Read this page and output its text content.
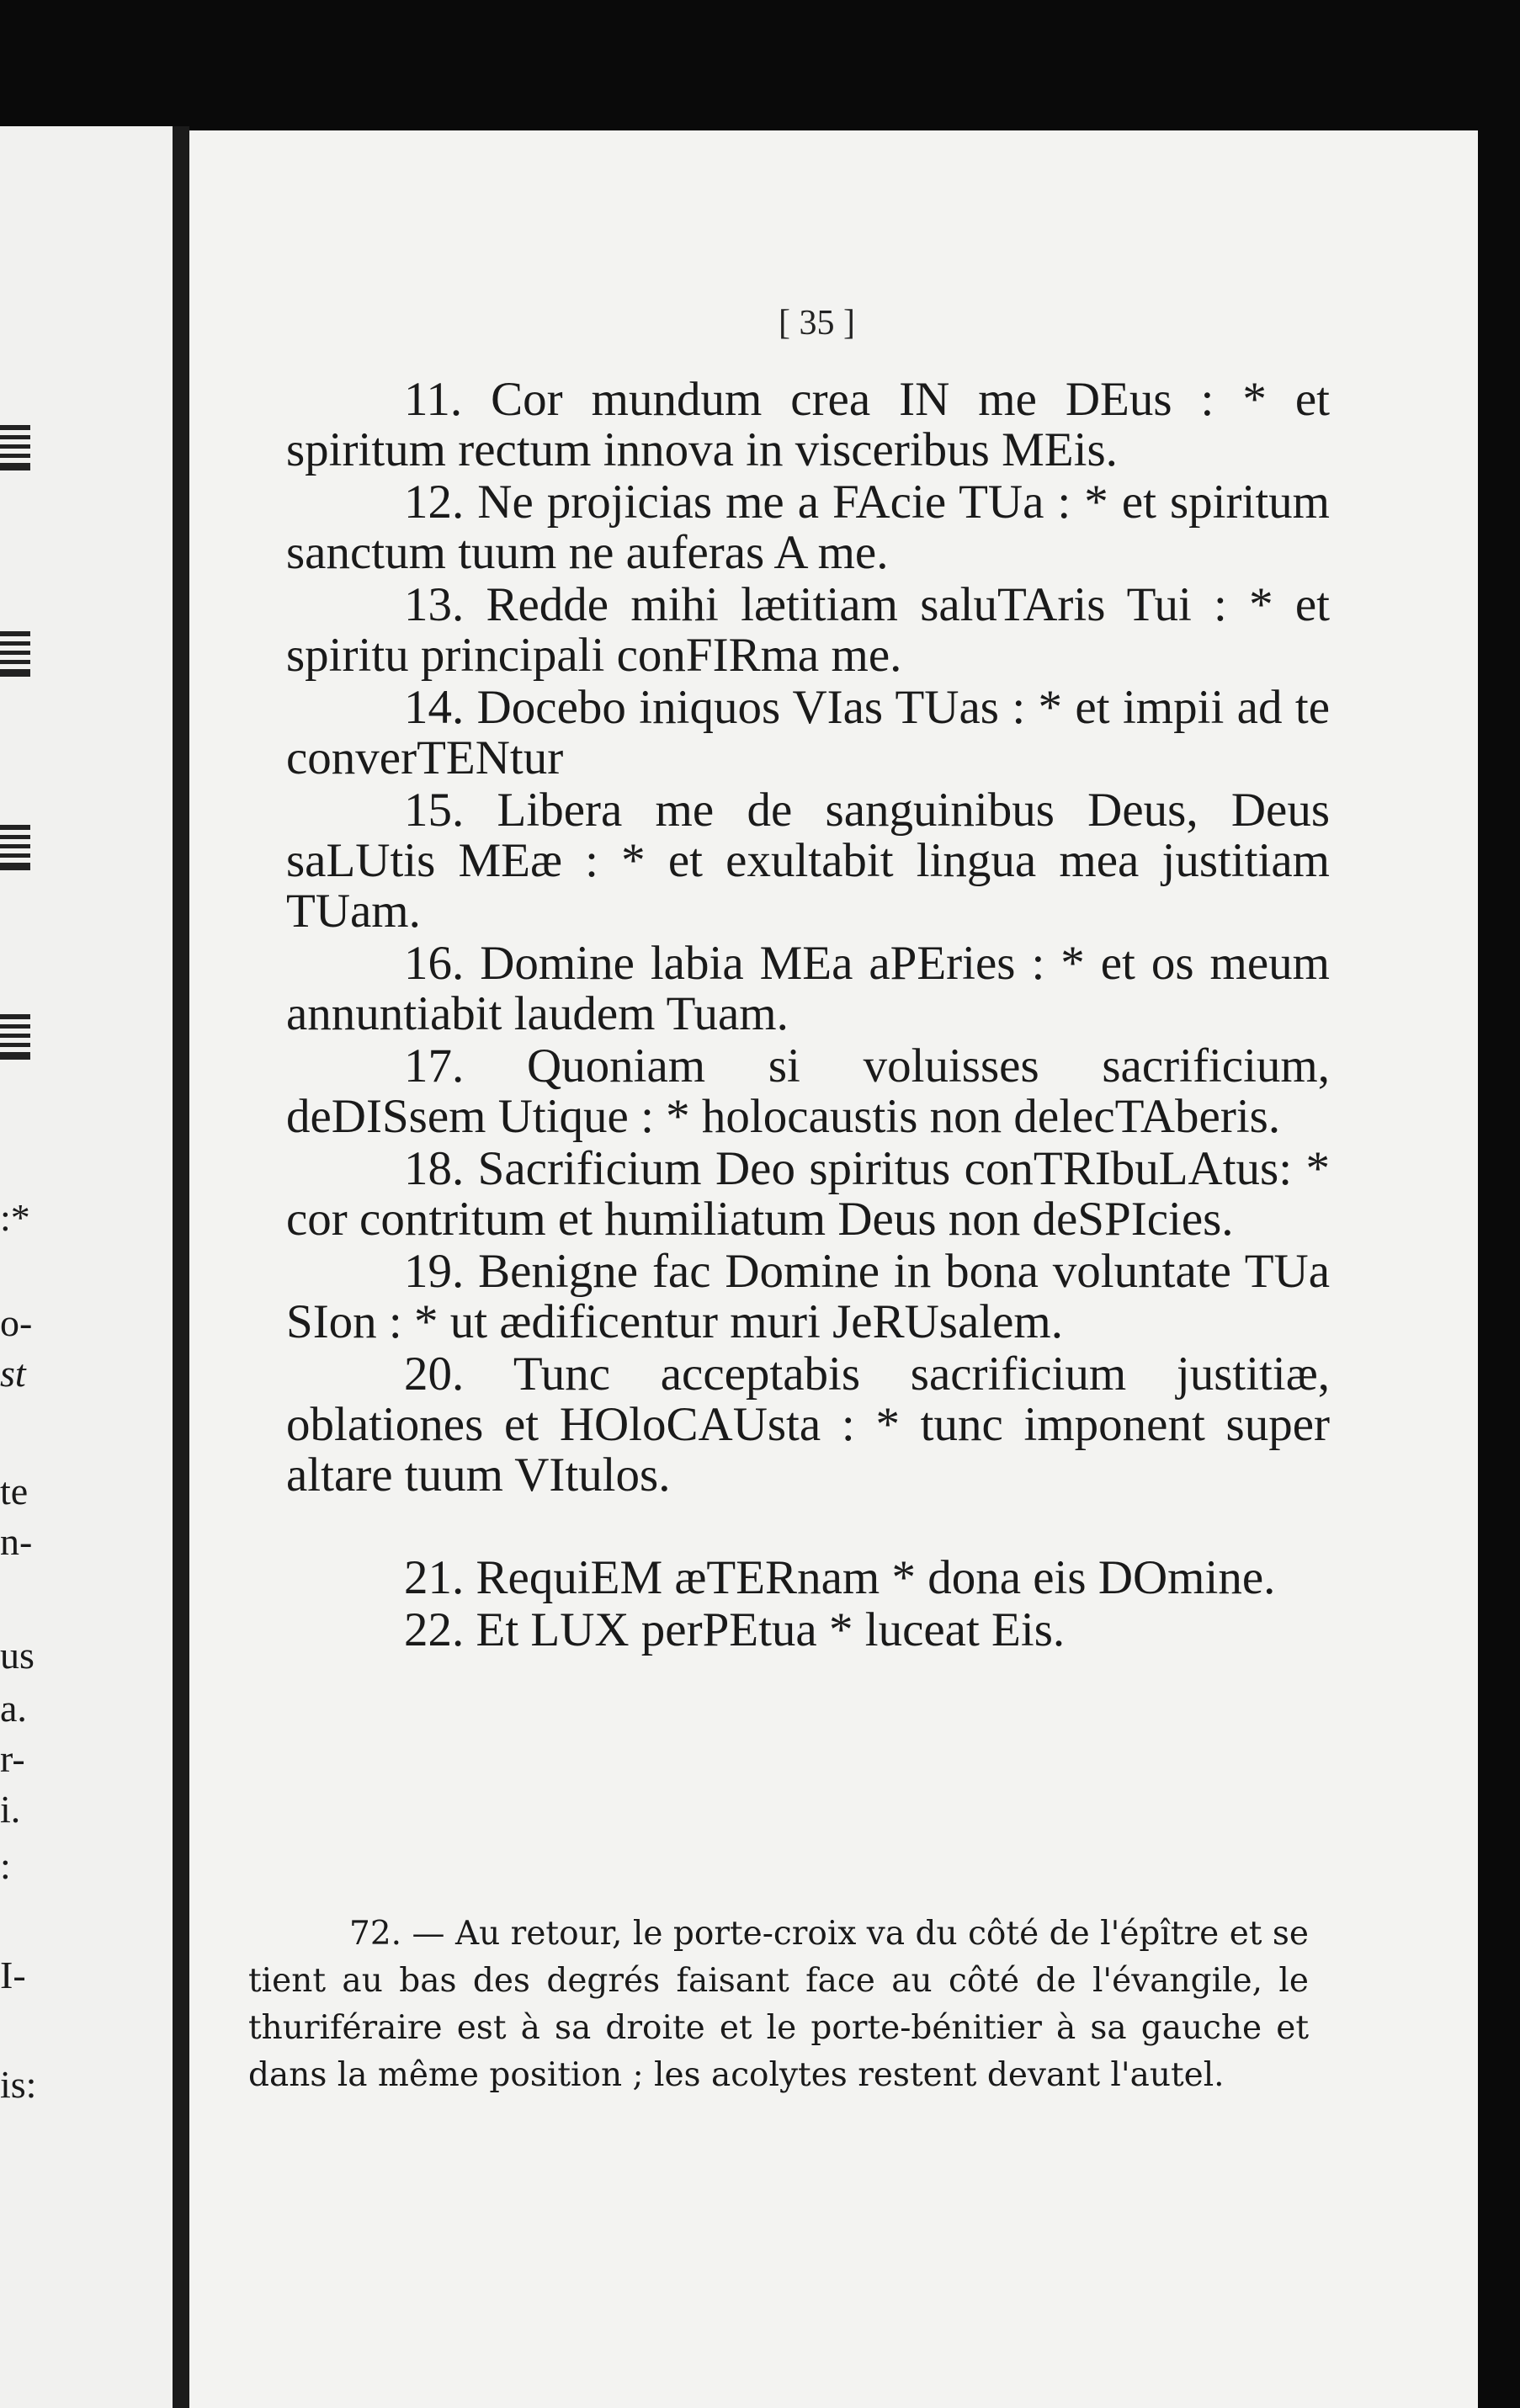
:*
o-
st
te
n-
us
a.
r-
i.
:
I-
is:
[ 35 ]

11. Cor mundum crea IN me DEus : * et spiritum rectum innova in visceribus MEis.

12. Ne projicias me a FAcie TUa : * et spiritum sanctum tuum ne auferas A me.

13. Redde mihi lætitiam saluTAris Tui : * et spiritu principali conFIRma me.

14. Docebo iniquos VIas TUas : * et impii ad te converTENtur

15. Libera me de sanguinibus Deus, Deus saLUtis MEæ : * et exultabit lingua mea justitiam TUam.

16. Domine labia MEa aPEries : * et os meum annuntiabit laudem Tuam.

17. Quoniam si voluisses sacrificium, deDISsem Utique : * holocaustis non delecTAberis.

18. Sacrificium Deo spiritus conTRIbuLAtus: * cor contritum et humiliatum Deus non deSPIcies.

19. Benigne fac Domine in bona voluntate TUa SIon : * ut ædificentur muri JeRUsalem.

20. Tunc acceptabis sacrificium justitiæ, oblationes et HOloCAUsta : * tunc imponent super altare tuum VItulos.

21. RequiEM æTERnam * dona eis DOmine.

22. Et LUX perPEtua * luceat Eis.

72. — Au retour, le porte-croix va du côté de l'épître et se tient au bas des degrés faisant face au côté de l'évangile, le thuriféraire est à sa droite et le porte-bénitier à sa gauche et dans la même position ; les acolytes restent devant l'autel.
